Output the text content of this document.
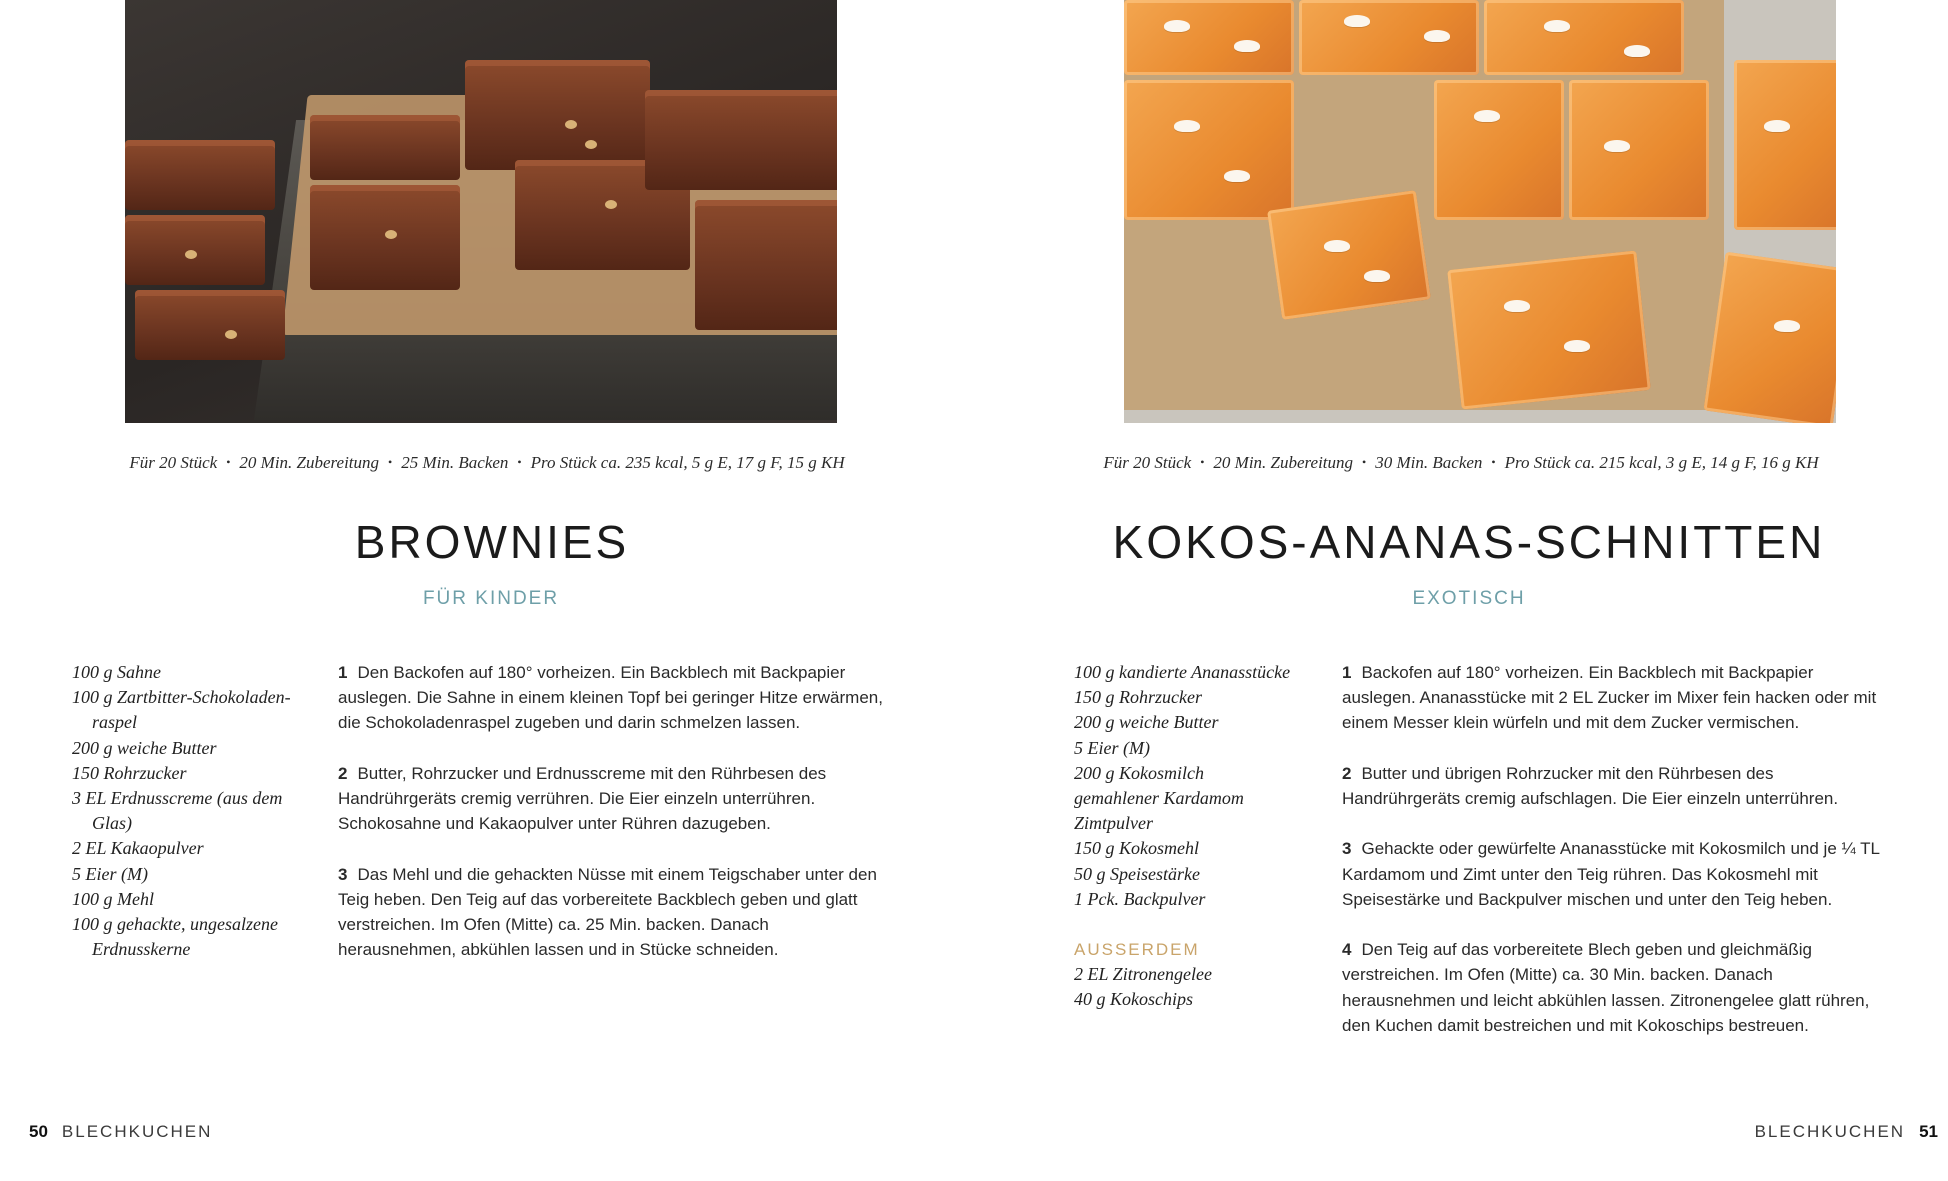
Für 20 Stück • 20 Min. Zubereitung • 25 Min. Backen • Pro Stück ca. 235 kcal, 5 g E, 17 g F, 15 g KH
BROWNIES
FÜR KINDER
100 g Sahne
100 g Zartbitter-Schokoladen-raspel
200 g weiche Butter
150 Rohrzucker
3 EL Erdnusscreme (aus dem Glas)
2 EL Kakaopulver
5 Eier (M)
100 g Mehl
100 g gehackte, ungesalzene Erdnusskerne

1 Den Backofen auf 180° vorheizen. Ein Backblech mit Backpapier auslegen. Die Sahne in einem kleinen Topf bei geringer Hitze erwärmen, die Schokoladenraspel zugeben und darin schmelzen lassen.

2 Butter, Rohrzucker und Erdnusscreme mit den Rührbesen des Handrührgeräts cremig verrühren. Die Eier einzeln unterrühren. Schokosahne und Kakaopulver unter Rühren dazugeben.

3 Das Mehl und die gehackten Nüsse mit einem Teigschaber unter den Teig heben. Den Teig auf das vorbereitete Backblech geben und glatt verstreichen. Im Ofen (Mitte) ca. 25 Min. backen. Danach herausnehmen, abkühlen lassen und in Stücke schneiden.

50 BLECHKUCHEN
Für 20 Stück • 20 Min. Zubereitung • 30 Min. Backen • Pro Stück ca. 215 kcal, 3 g E, 14 g F, 16 g KH
KOKOS-ANANAS-SCHNITTEN
EXOTISCH
100 g kandierte Ananasstücke
150 g Rohrzucker
200 g weiche Butter
5 Eier (M)
200 g Kokosmilch
gemahlener Kardamom
Zimtpulver
150 g Kokosmehl
50 g Speisestärke
1 Pck. Backpulver
AUSSERDEM
2 EL Zitronengelee
40 g Kokoschips

1 Backofen auf 180° vorheizen. Ein Backblech mit Backpapier auslegen. Ananasstücke mit 2 EL Zucker im Mixer fein hacken oder mit einem Messer klein würfeln und mit dem Zucker vermischen.

2 Butter und übrigen Rohrzucker mit den Rührbesen des Handrührgeräts cremig aufschlagen. Die Eier einzeln unterrühren.

3 Gehackte oder gewürfelte Ananasstücke mit Kokosmilch und je ¼ TL Kardamom und Zimt unter den Teig rühren. Das Kokosmehl mit Speisestärke und Backpulver mischen und unter den Teig heben.

4 Den Teig auf das vorbereitete Blech geben und gleichmäßig verstreichen. Im Ofen (Mitte) ca. 30 Min. backen. Danach herausnehmen und leicht abkühlen lassen. Zitronengelee glatt rühren, den Kuchen damit bestreichen und mit Kokoschips bestreuen.

BLECHKUCHEN 51
